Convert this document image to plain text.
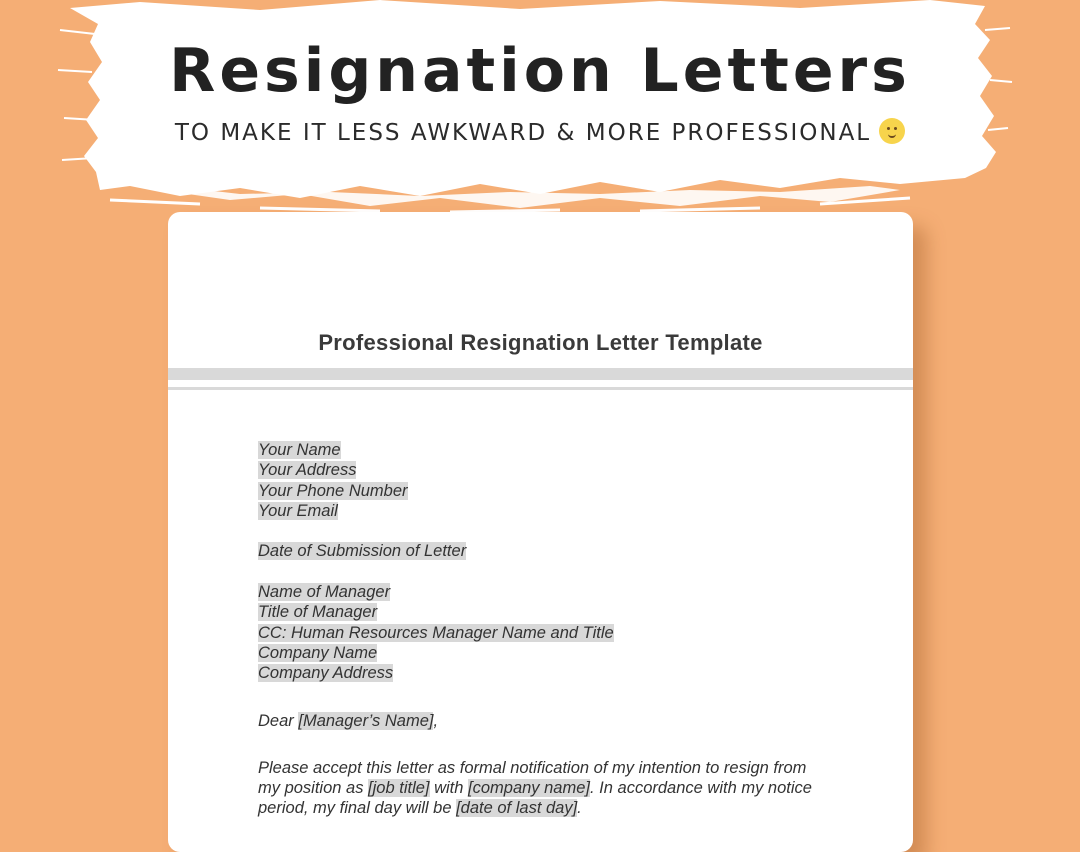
Resignation Letters
TO MAKE IT LESS AWKWARD & MORE PROFESSIONAL
Professional Resignation Letter Template
Your Name
Your Address
Your Phone Number
Your Email
Date of Submission of Letter
Name of Manager
Title of Manager
CC: Human Resources Manager Name and Title
Company Name
Company Address
Dear [Manager’s Name],
Please accept this letter as formal notification of my intention to resign from
my position as [job title] with [company name]. In accordance with my notice
period, my final day will be [date of last day].
